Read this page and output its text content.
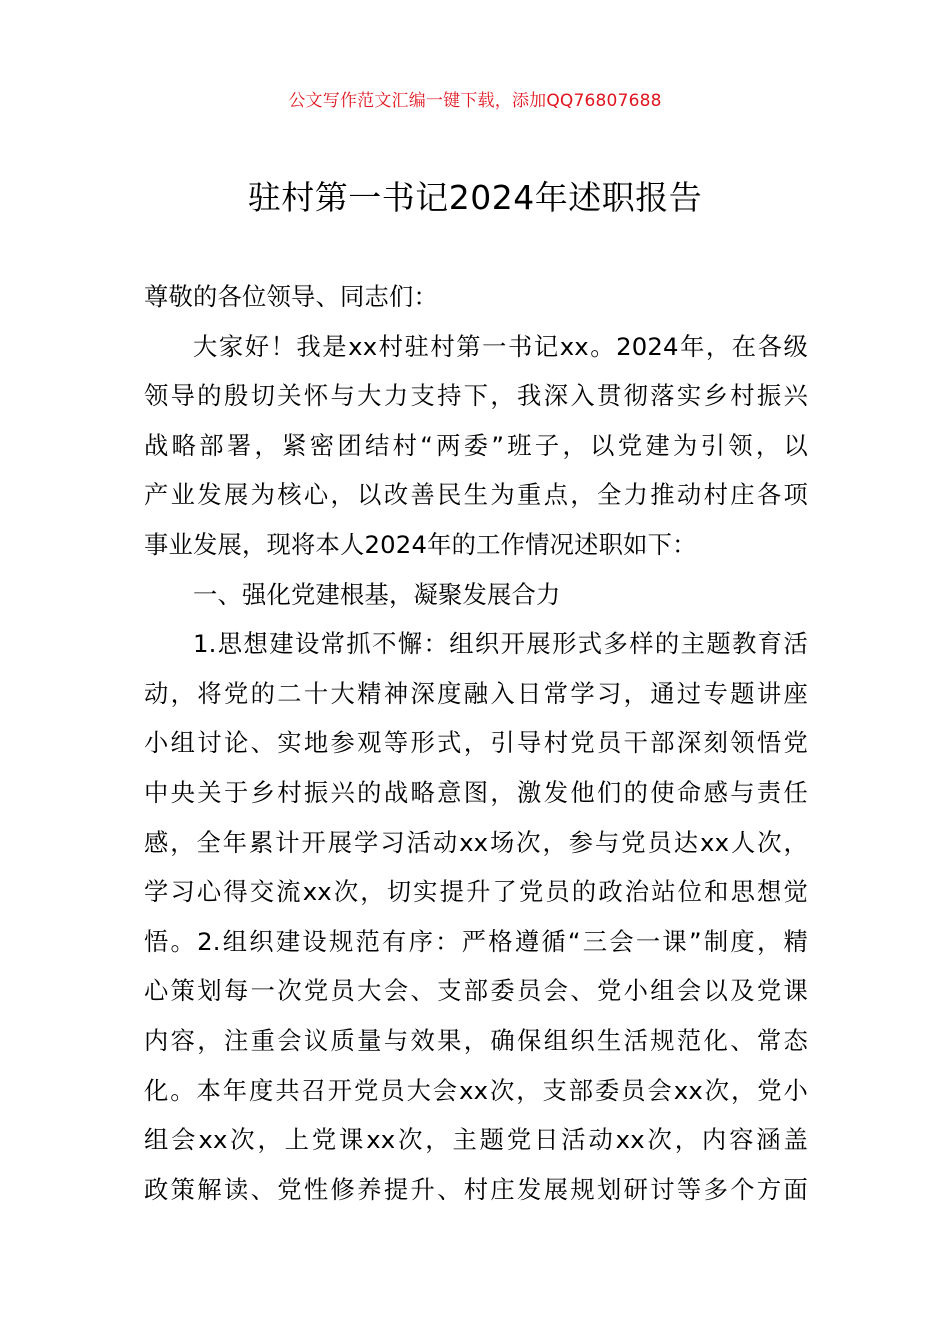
公文写作范文汇编一键下载，添加QQ76807688
驻村第一书记2024年述职报告
尊敬的各位领导、同志们：
大家好！我是xx村驻村第一书记xx。2024年，在各级
领导的殷切关怀与大力支持下，我深入贯彻落实乡村振兴
战略部署，紧密团结村“两委”班子，以党建为引领，以
产业发展为核心，以改善民生为重点，全力推动村庄各项
事业发展，现将本人2024年的工作情况述职如下：
一、强化党建根基，凝聚发展合力
1.思想建设常抓不懈：组织开展形式多样的主题教育活
动，将党的二十大精神深度融入日常学习，通过专题讲座
小组讨论、实地参观等形式，引导村党员干部深刻领悟党
中央关于乡村振兴的战略意图，激发他们的使命感与责任
感，全年累计开展学习活动xx场次，参与党员达xx人次，
学习心得交流xx次，切实提升了党员的政治站位和思想觉
悟。2.组织建设规范有序：严格遵循“三会一课”制度，精
心策划每一次党员大会、支部委员会、党小组会以及党课
内容，注重会议质量与效果，确保组织生活规范化、常态
化。本年度共召开党员大会xx次，支部委员会xx次，党小
组会xx次，上党课xx次，主题党日活动xx次，内容涵盖
政策解读、党性修养提升、村庄发展规划研讨等多个方面
